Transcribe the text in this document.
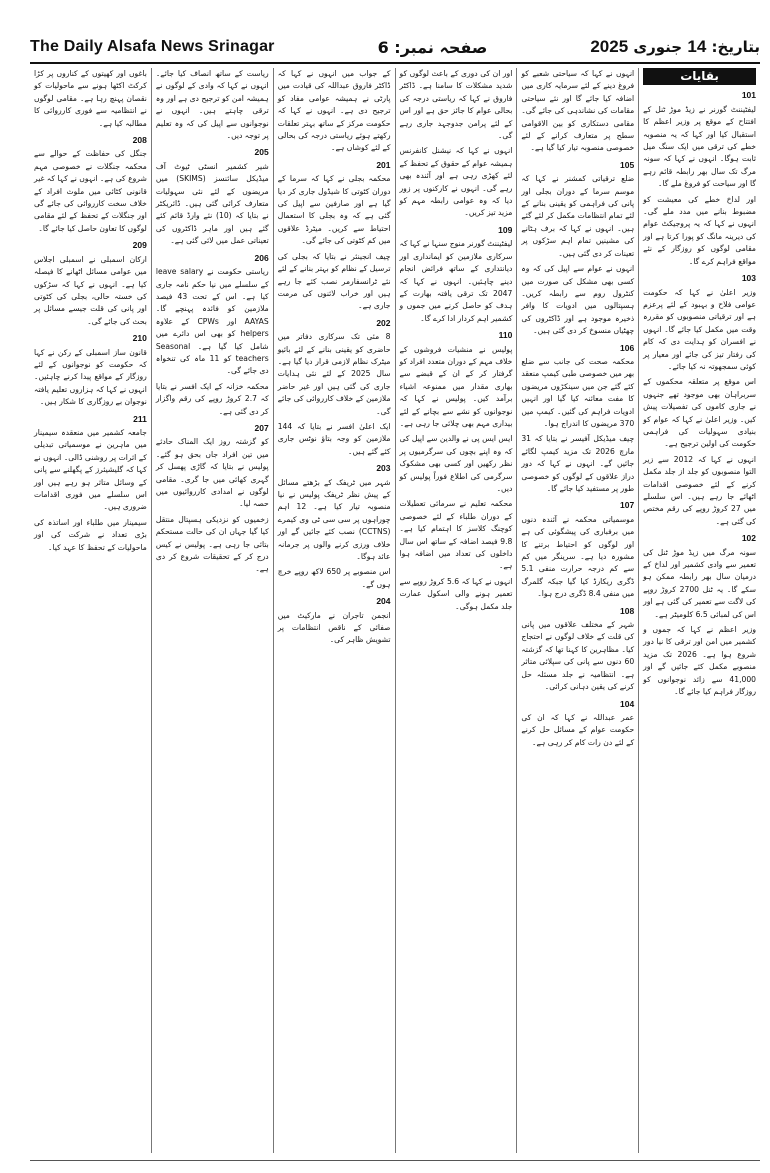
The Daily Alsafa News Srinagar	صفحہ نمبر: 6	بتاریخ: 14 جنوری 2025
بقایات
101

لیفٹیننٹ گورنر نے زیڈ موڑ ٹنل کے افتتاح کے موقع پر وزیر اعظم کا استقبال کیا اور کہا کہ یہ منصوبہ خطے کی ترقی میں ایک سنگ میل ثابت ہوگا۔ انہوں نے کہا کہ سونہ مرگ تک سال بھر رابطہ قائم رہے گا اور سیاحت کو فروغ ملے گا۔

اور لداخ خطے کی معیشت کو مضبوط بنانے میں مدد ملے گی۔ انہوں نے کہا کہ یہ پروجیکٹ عوام کی دیرینہ مانگ کو پورا کرتا ہے اور مقامی لوگوں کو روزگار کے نئے مواقع فراہم کرے گا۔

103

وزیر اعلیٰ نے کہا کہ حکومت عوامی فلاح و بہبود کے لئے پرعزم ہے اور ترقیاتی منصوبوں کو مقررہ وقت میں مکمل کیا جائے گا۔ انہوں نے افسران کو ہدایت دی کہ کام کی رفتار تیز کی جائے اور معیار پر کوئی سمجھوتہ نہ کیا جائے۔

اس موقع پر متعلقہ محکموں کے سربراہان بھی موجود تھے جنہوں نے جاری کاموں کی تفصیلات پیش کیں۔ وزیر اعلیٰ نے کہا کہ عوام کو بنیادی سہولیات کی فراہمی حکومت کی اولین ترجیح ہے۔

انہوں نے کہا کہ 2012 سے زیر التوا منصوبوں کو جلد از جلد مکمل کرنے کے لئے خصوصی اقدامات اٹھائے جا رہے ہیں۔ اس سلسلے میں 27 کروڑ روپے کی رقم مختص کی گئی ہے۔

102

سونہ مرگ میں زیڈ موڑ ٹنل کی تعمیر سے وادی کشمیر اور لداخ کے درمیان سال بھر رابطہ ممکن ہو سکے گا۔ یہ ٹنل 2700 کروڑ روپے کی لاگت سے تعمیر کی گئی ہے اور اس کی لمبائی 6.5 کلومیٹر ہے۔

وزیر اعظم نے کہا کہ جموں و کشمیر میں امن اور ترقی کا نیا دور شروع ہوا ہے۔ 2026 تک مزید منصوبے مکمل کئے جائیں گے اور 41,000 سے زائد نوجوانوں کو روزگار فراہم کیا جائے گا۔

انہوں نے کہا کہ سیاحتی شعبے کو فروغ دینے کے لئے سرمایہ کاری میں اضافہ کیا جائے گا اور نئے سیاحتی مقامات کی نشاندہی کی جائے گی۔ مقامی دستکاری کو بین الاقوامی سطح پر متعارف کرانے کے لئے خصوصی منصوبہ تیار کیا گیا ہے۔

105

ضلع ترقیاتی کمشنر نے کہا کہ موسم سرما کے دوران بجلی اور پانی کی فراہمی کو یقینی بنانے کے لئے تمام انتظامات مکمل کر لئے گئے ہیں۔ انہوں نے کہا کہ برف ہٹانے کی مشینیں تمام اہم سڑکوں پر تعینات کر دی گئی ہیں۔

انہوں نے عوام سے اپیل کی کہ وہ کسی بھی مشکل کی صورت میں کنٹرول روم سے رابطہ کریں۔ ہسپتالوں میں ادویات کا وافر ذخیرہ موجود ہے اور ڈاکٹروں کی چھٹیاں منسوخ کر دی گئی ہیں۔

106

محکمہ صحت کی جانب سے ضلع بھر میں خصوصی طبی کیمپ منعقد کئے گئے جن میں سینکڑوں مریضوں کا مفت معائنہ کیا گیا اور انہیں ادویات فراہم کی گئیں۔ کیمپ میں 370 مریضوں کا اندراج ہوا۔

چیف میڈیکل آفیسر نے بتایا کہ 31 مارچ 2026 تک مزید کیمپ لگائے جائیں گے۔ انہوں نے کہا کہ دور دراز علاقوں کے لوگوں کو خصوصی طور پر مستفید کیا جائے گا۔

107

موسمیاتی محکمہ نے آئندہ دنوں میں برفباری کی پیشگوئی کی ہے اور لوگوں کو احتیاط برتنے کا مشورہ دیا ہے۔ سرینگر میں کم سے کم درجہ حرارت منفی 5.1 ڈگری ریکارڈ کیا گیا جبکہ گلمرگ میں منفی 8.4 ڈگری درج ہوا۔

108

شہر کے مختلف علاقوں میں پانی کی قلت کے خلاف لوگوں نے احتجاج کیا۔ مظاہرین کا کہنا تھا کہ گزشتہ 60 دنوں سے پانی کی سپلائی متاثر ہے۔ انتظامیہ نے جلد مسئلہ حل کرنے کی یقین دہانی کرائی۔

104

عمر عبداللہ نے کہا کہ ان کی حکومت عوام کے مسائل حل کرنے کے لئے دن رات کام کر رہی ہے۔

اور ان کی دوری کے باعث لوگوں کو شدید مشکلات کا سامنا ہے۔ ڈاکٹر فاروق نے کہا کہ ریاستی درجہ کی بحالی عوام کا جائز حق ہے اور اس کے لئے پرامن جدوجہد جاری رہے گی۔

انہوں نے کہا کہ نیشنل کانفرنس ہمیشہ عوام کے حقوق کے تحفظ کے لئے کھڑی رہی ہے اور آئندہ بھی رہے گی۔ انہوں نے کارکنوں پر زور دیا کہ وہ عوامی رابطہ مہم کو مزید تیز کریں۔

109

لیفٹیننٹ گورنر منوج سنہا نے کہا کہ سرکاری ملازمین کو ایمانداری اور دیانتداری کے ساتھ فرائض انجام دینے چاہئیں۔ انہوں نے کہا کہ 2047 تک ترقی یافتہ بھارت کے ہدف کو حاصل کرنے میں جموں و کشمیر اہم کردار ادا کرے گا۔

110

پولیس نے منشیات فروشوں کے خلاف مہم کے دوران متعدد افراد کو گرفتار کر کے ان کے قبضے سے بھاری مقدار میں ممنوعہ اشیاء برآمد کیں۔ پولیس نے کہا کہ نوجوانوں کو نشے سے بچانے کے لئے بیداری مہم بھی چلائی جا رہی ہے۔

ایس ایس پی نے والدین سے اپیل کی کہ وہ اپنے بچوں کی سرگرمیوں پر نظر رکھیں اور کسی بھی مشکوک سرگرمی کی اطلاع فوراً پولیس کو دیں۔

محکمہ تعلیم نے سرمائی تعطیلات کے دوران طلباء کے لئے خصوصی کوچنگ کلاسز کا اہتمام کیا ہے۔ 9.8 فیصد اضافہ کے ساتھ اس سال داخلوں کی تعداد میں اضافہ ہوا ہے۔

انہوں نے کہا کہ 5.6 کروڑ روپے سے تعمیر ہونے والی اسکول عمارت جلد مکمل ہوگی۔

کے جواب میں انہوں نے کہا کہ ڈاکٹر فاروق عبداللہ کی قیادت میں پارٹی نے ہمیشہ عوامی مفاد کو ترجیح دی ہے۔ انہوں نے کہا کہ حکومت مرکز کے ساتھ بہتر تعلقات رکھتے ہوئے ریاستی درجہ کی بحالی کے لئے کوشاں ہے۔

201

محکمہ بجلی نے کہا کہ سرما کے دوران کٹوتی کا شیڈول جاری کر دیا گیا ہے اور صارفین سے اپیل کی گئی ہے کہ وہ بجلی کا استعمال احتیاط سے کریں۔ میٹرڈ علاقوں میں کم کٹوتی کی جائے گی۔

چیف انجینئر نے بتایا کہ بجلی کی ترسیل کے نظام کو بہتر بنانے کے لئے نئے ٹرانسفارمر نصب کئے جا رہے ہیں اور خراب لائنوں کی مرمت جاری ہے۔

202

8 مئی تک سرکاری دفاتر میں حاضری کو یقینی بنانے کے لئے بائیو میٹرک نظام لازمی قرار دیا گیا ہے۔ سال 2025 کے لئے نئی ہدایات جاری کی گئی ہیں اور غیر حاضر ملازمین کے خلاف کارروائی کی جائے گی۔

ایک اعلیٰ افسر نے بتایا کہ 144 ملازمین کو وجہ بتاؤ نوٹس جاری کئے گئے ہیں۔

203

شہر میں ٹریفک کے بڑھتے مسائل کے پیش نظر ٹریفک پولیس نے نیا منصوبہ تیار کیا ہے۔ 12 اہم چوراہوں پر سی سی ٹی وی کیمرے (CCTNS) نصب کئے جائیں گے اور خلاف ورزی کرنے والوں پر جرمانہ عائد ہوگا۔

اس منصوبے پر 650 لاکھ روپے خرچ ہوں گے۔

204

انجمن تاجران نے مارکیٹ میں صفائی کے ناقص انتظامات پر تشویش ظاہر کی۔

ریاست کے ساتھ انصاف کیا جائے۔ انہوں نے کہا کہ وادی کے لوگوں نے ہمیشہ امن کو ترجیح دی ہے اور وہ ترقی چاہتے ہیں۔ انہوں نے نوجوانوں سے اپیل کی کہ وہ تعلیم پر توجہ دیں۔

205

شیر کشمیر انسٹی ٹیوٹ آف میڈیکل سائنسز (SKIMS) میں مریضوں کے لئے نئی سہولیات متعارف کرائی گئی ہیں۔ ڈائریکٹر نے بتایا کہ (10) نئے وارڈ قائم کئے گئے ہیں اور ماہر ڈاکٹروں کی تعیناتی عمل میں لائی گئی ہے۔

206

ریاستی حکومت نے leave salary کے سلسلے میں نیا حکم نامہ جاری کیا ہے۔ اس کے تحت 43 فیصد ملازمین کو فائدہ پہنچے گا۔ AAYAS اور CPWs کے علاوہ helpers کو بھی اس دائرے میں شامل کیا گیا ہے۔ Seasonal teachers کو 11 ماہ کی تنخواہ دی جائے گی۔

محکمہ خزانہ کے ایک افسر نے بتایا کہ 2.7 کروڑ روپے کی رقم واگزار کر دی گئی ہے۔

207

کو گزشتہ روز ایک المناک حادثے میں تین افراد جاں بحق ہو گئے۔ پولیس نے بتایا کہ گاڑی پھسل کر گہری کھائی میں جا گری۔ مقامی لوگوں نے امدادی کارروائیوں میں حصہ لیا۔

زخمیوں کو نزدیکی ہسپتال منتقل کیا گیا جہاں ان کی حالت مستحکم بتائی جا رہی ہے۔ پولیس نے کیس درج کر کے تحقیقات شروع کر دی ہے۔

باغوں اور کھیتوں کے کناروں پر کڑا کرکٹ اکٹھا ہونے سے ماحولیات کو نقصان پہنچ رہا ہے۔ مقامی لوگوں نے انتظامیہ سے فوری کارروائی کا مطالبہ کیا ہے۔

208

جنگل کی حفاظت کے حوالے سے محکمہ جنگلات نے خصوصی مہم شروع کی ہے۔ انہوں نے کہا کہ غیر قانونی کٹائی میں ملوث افراد کے خلاف سخت کارروائی کی جائے گی اور جنگلات کے تحفظ کے لئے مقامی لوگوں کا تعاون حاصل کیا جائے گا۔

209

ارکان اسمبلی نے اسمبلی اجلاس میں عوامی مسائل اٹھانے کا فیصلہ کیا ہے۔ انہوں نے کہا کہ سڑکوں کی خستہ حالی، بجلی کی کٹوتی اور پانی کی قلت جیسے مسائل پر بحث کی جائے گی۔

210

قانون ساز اسمبلی کے رکن نے کہا کہ حکومت کو نوجوانوں کے لئے روزگار کے مواقع پیدا کرنے چاہئیں۔ انہوں نے کہا کہ ہزاروں تعلیم یافتہ نوجوان بے روزگاری کا شکار ہیں۔

211

جامعہ کشمیر میں منعقدہ سیمینار میں ماہرین نے موسمیاتی تبدیلی کے اثرات پر روشنی ڈالی۔ انہوں نے کہا کہ گلیشیئرز کے پگھلنے سے پانی کے وسائل متاثر ہو رہے ہیں اور اس سلسلے میں فوری اقدامات ضروری ہیں۔

سیمینار میں طلباء اور اساتذہ کی بڑی تعداد نے شرکت کی اور ماحولیات کے تحفظ کا عہد کیا۔
